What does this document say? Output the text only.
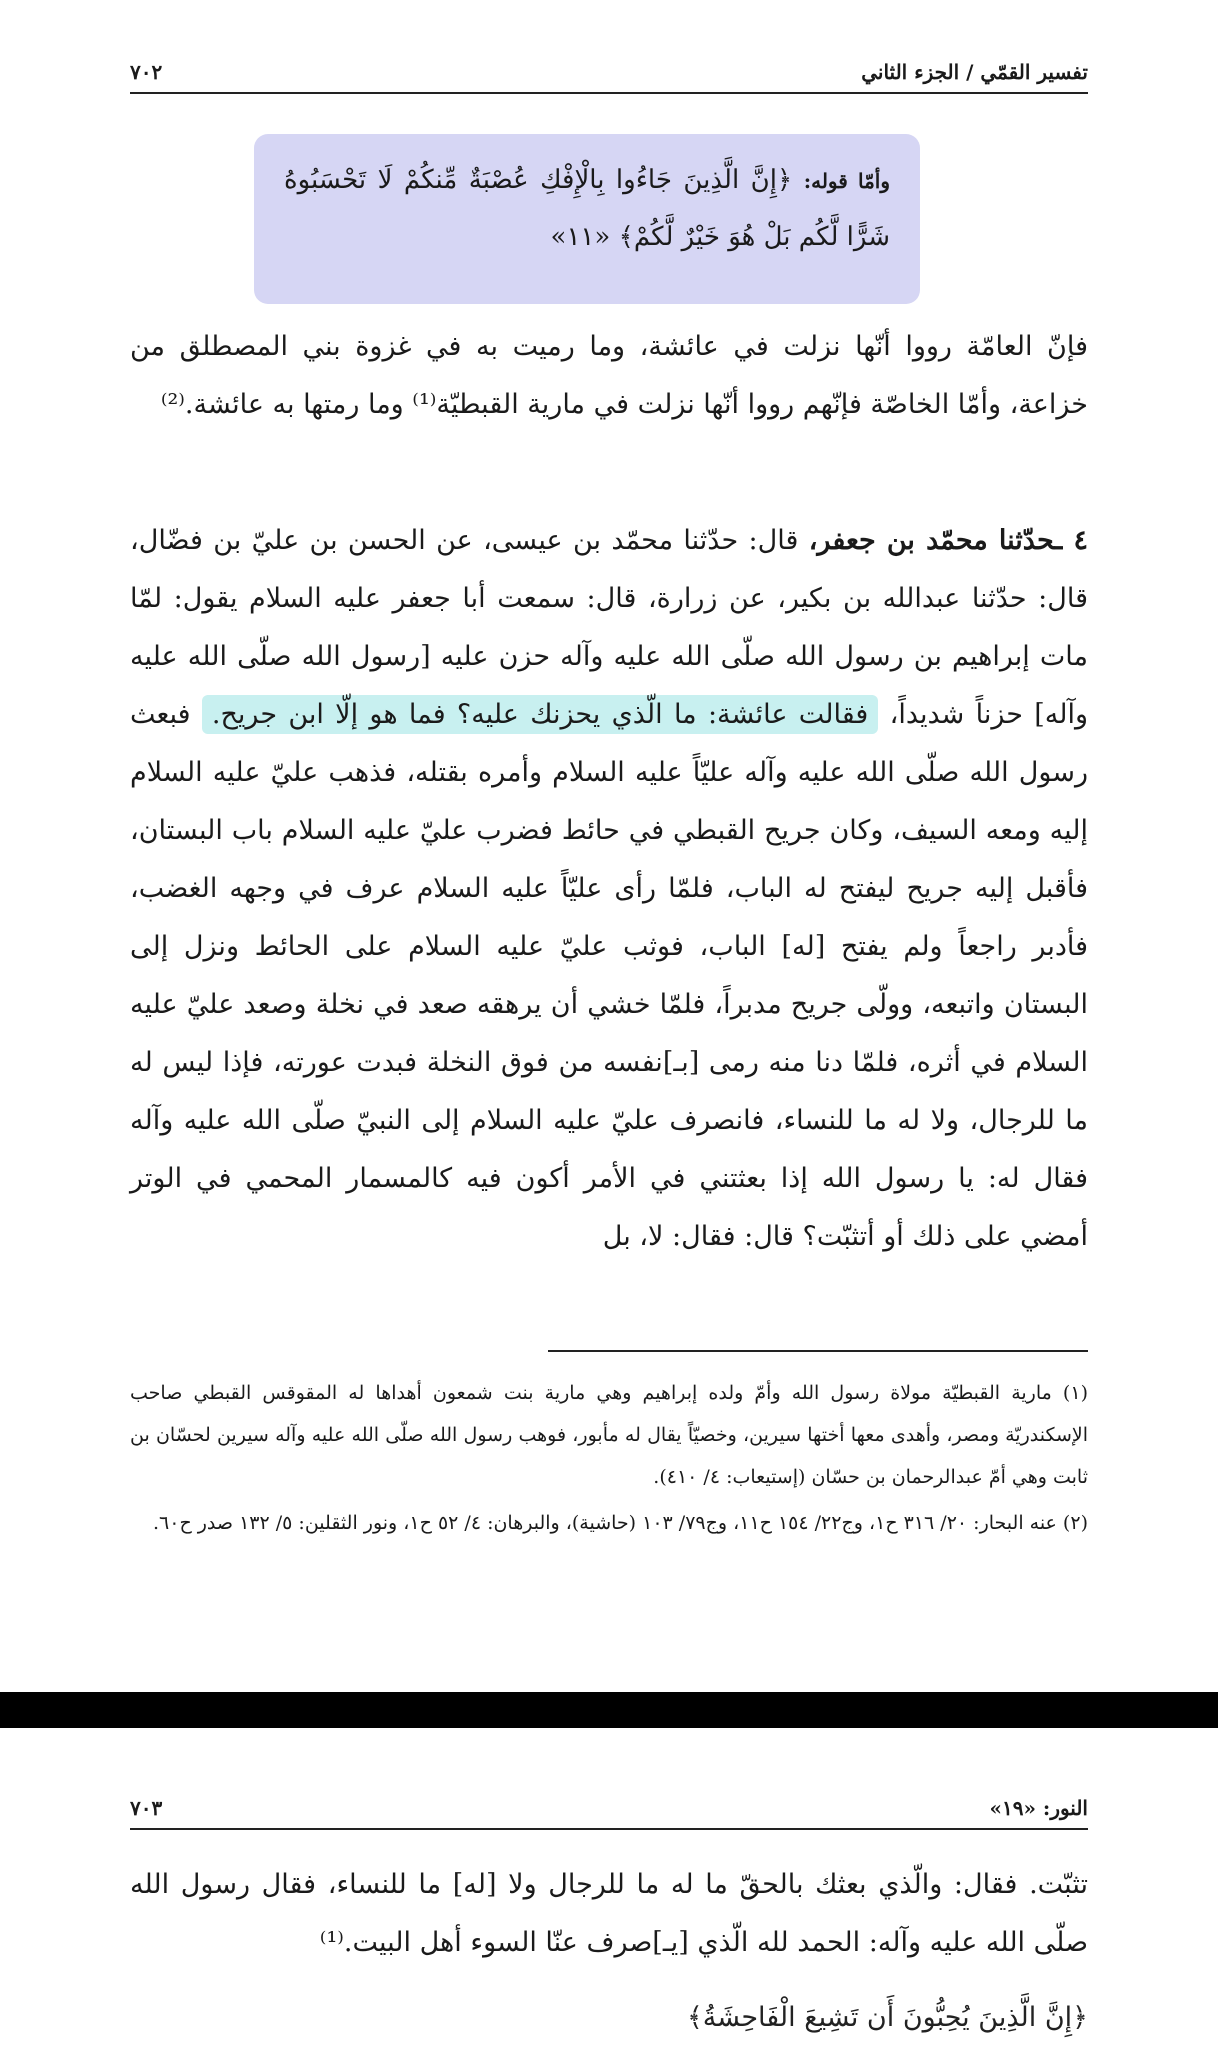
تفسير القمّي / الجزء الثاني
٧٠٢
وأمّا قوله: ﴿إِنَّ الَّذِينَ جَاءُوا بِالْإِفْكِ عُصْبَةٌ مِّنكُمْ لَا تَحْسَبُوهُ شَرًّا لَّكُم بَلْ هُوَ خَيْرٌ لَّكُمْ﴾ «١١»

فإنّ العامّة رووا أنّها نزلت في عائشة، وما رميت به في غزوة بني المصطلق من خزاعة، وأمّا الخاصّة فإنّهم رووا أنّها نزلت في مارية القبطيّة⁽¹⁾ وما رمتها به عائشة.⁽²⁾

٤ ـحدّثنا محمّد بن جعفر، قال: حدّثنا محمّد بن عيسى، عن الحسن بن عليّ بن فضّال، قال: حدّثنا عبدالله بن بكير، عن زرارة، قال: سمعت أبا جعفر عليه السلام يقول: لمّا مات إبراهيم بن رسول الله صلّى الله عليه وآله حزن عليه [رسول الله صلّى الله عليه وآله] حزناً شديداً، فقالت عائشة: ما الّذي يحزنك عليه؟ فما هو إلّا ابن جريح. فبعث رسول الله صلّى الله عليه وآله عليّاً عليه السلام وأمره بقتله، فذهب عليّ عليه السلام إليه ومعه السيف، وكان جريح القبطي في حائط فضرب عليّ عليه السلام باب البستان، فأقبل إليه جريح ليفتح له الباب، فلمّا رأى عليّاً عليه السلام عرف في وجهه الغضب، فأدبر راجعاً ولم يفتح [له] الباب، فوثب عليّ عليه السلام على الحائط ونزل إلى البستان واتبعه، وولّى جريح مدبراً، فلمّا خشي أن يرهقه صعد في نخلة وصعد عليّ عليه السلام في أثره، فلمّا دنا منه رمى [بـ]نفسه من فوق النخلة فبدت عورته، فإذا ليس له ما للرجال، ولا له ما للنساء، فانصرف عليّ عليه السلام إلى النبيّ صلّى الله عليه وآله فقال له: يا رسول الله إذا بعثتني في الأمر أكون فيه كالمسمار المحمي في الوتر أمضي على ذلك أو أتثبّت؟ قال: فقال: لا، بل

(١) مارية القبطيّة مولاة رسول الله وأمّ ولده إبراهيم وهي مارية بنت شمعون أهداها له المقوقس القبطي صاحب الإسكندريّة ومصر، وأهدى معها أختها سيرين، وخصيّاً يقال له مأبور، فوهب رسول الله صلّى الله عليه وآله سيرين لحسّان بن ثابت وهي أمّ عبدالرحمان بن حسّان (إستيعاب: ٤/ ٤١٠).

(٢) عنه البحار: ٢٠/ ٣١٦ ح١، وج٢٢/ ١٥٤ ح١١، وج٧٩/ ١٠٣ (حاشية)، والبرهان: ٤/ ٥٢ ح١، ونور الثقلين: ٥/ ١٣٢ صدر ح٦٠.

النور: «١٩»
٧٠٣

تثبّت. فقال: والّذي بعثك بالحقّ ما له ما للرجال ولا [له] ما للنساء، فقال رسول الله صلّى الله عليه وآله: الحمد لله الّذي [يـ]صرف عنّا السوء أهل البيت.⁽¹⁾

﴿إِنَّ الَّذِينَ يُحِبُّونَ أَن تَشِيعَ الْفَاحِشَةُ﴾
